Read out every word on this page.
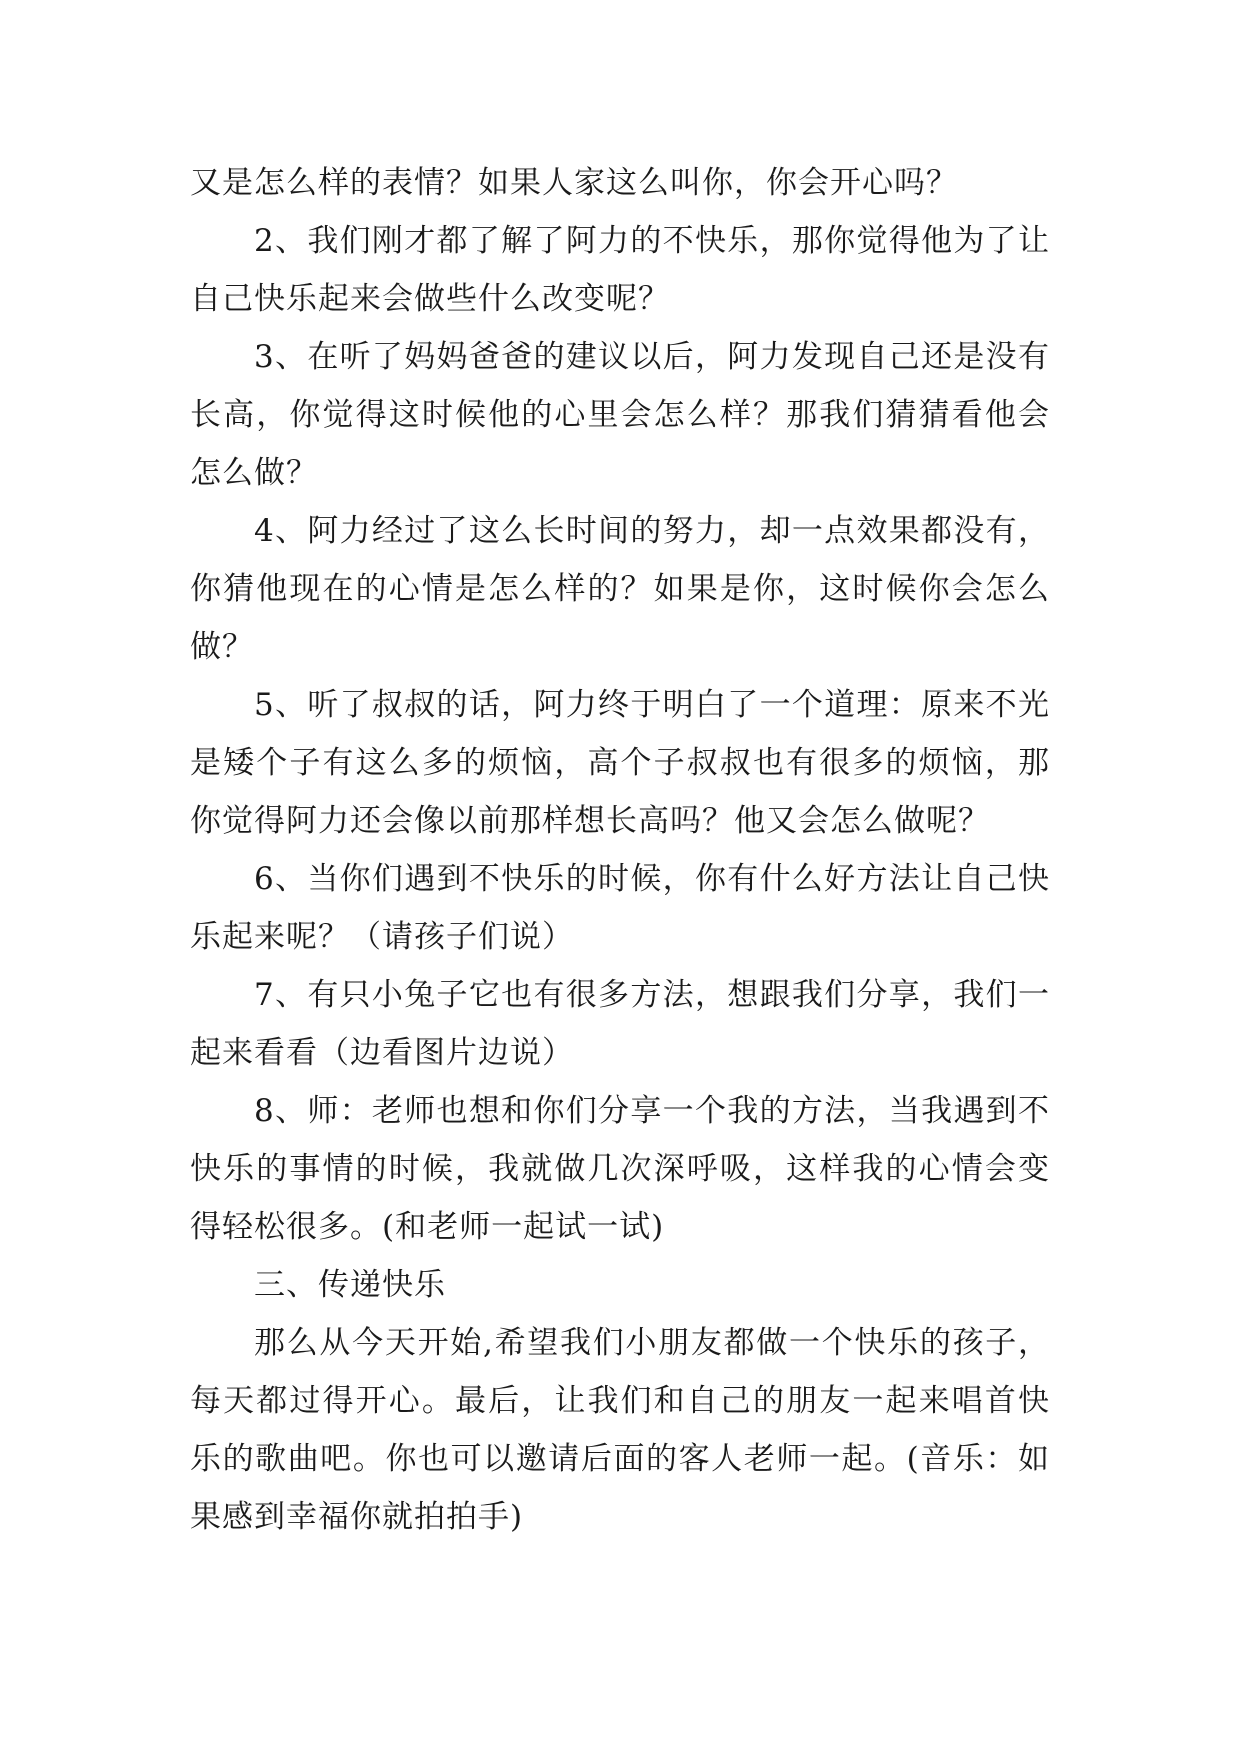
又是怎么样的表情？如果人家这么叫你，你会开心吗？

2、我们刚才都了解了阿力的不快乐，那你觉得他为了让自己快乐起来会做些什么改变呢？

3、在听了妈妈爸爸的建议以后，阿力发现自己还是没有长高，你觉得这时候他的心里会怎么样？那我们猜猜看他会怎么做？

4、阿力经过了这么长时间的努力，却一点效果都没有，你猜他现在的心情是怎么样的？如果是你，这时候你会怎么做？

5、听了叔叔的话，阿力终于明白了一个道理：原来不光是矮个子有这么多的烦恼，高个子叔叔也有很多的烦恼，那你觉得阿力还会像以前那样想长高吗？他又会怎么做呢？

6、当你们遇到不快乐的时候，你有什么好方法让自己快乐起来呢？（请孩子们说）

7、有只小兔子它也有很多方法，想跟我们分享，我们一起来看看（边看图片边说）

8、师：老师也想和你们分享一个我的方法，当我遇到不快乐的事情的时候，我就做几次深呼吸，这样我的心情会变得轻松很多。(和老师一起试一试)

三、传递快乐

那么从今天开始,希望我们小朋友都做一个快乐的孩子，每天都过得开心。最后，让我们和自己的朋友一起来唱首快乐的歌曲吧。你也可以邀请后面的客人老师一起。(音乐：如果感到幸福你就拍拍手)
